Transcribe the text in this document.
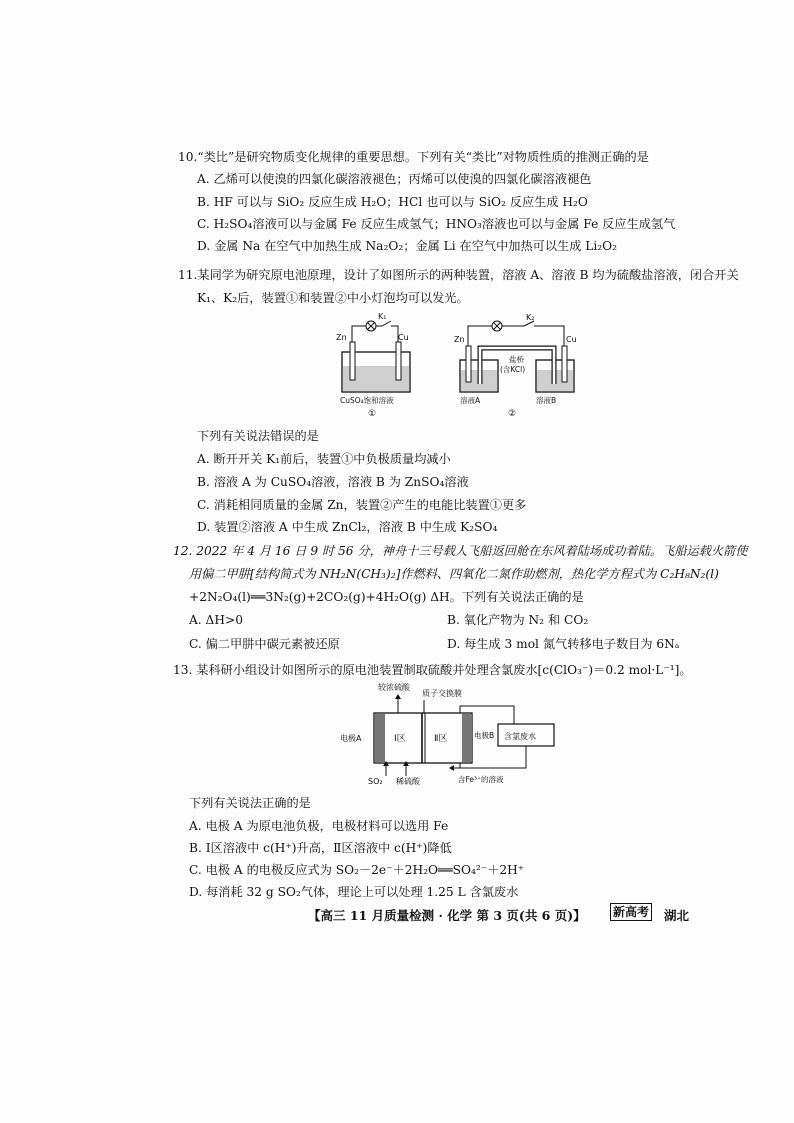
10.“类比”是研究物质变化规律的重要思想。下列有关“类比”对物质性质的推测正确的是
A. 乙烯可以使溴的四氯化碳溶液褪色；丙烯可以使溴的四氯化碳溶液褪色
B. HF 可以与 SiO₂ 反应生成 H₂O；HCl 也可以与 SiO₂ 反应生成 H₂O
C. H₂SO₄溶液可以与金属 Fe 反应生成氢气；HNO₃溶液也可以与金属 Fe 反应生成氢气
D. 金属 Na 在空气中加热生成 Na₂O₂；金属 Li 在空气中加热可以生成 Li₂O₂
11.某同学为研究原电池原理，设计了如图所示的两种装置，溶液 A、溶液 B 均为硫酸盐溶液，闭合开关
K₁、K₂后，装置①和装置②中小灯泡均可以发光。
Zn
K₁
Cu
CuSO₄饱和溶液
①
Zn
K₂
Cu
盐桥
(含KCl)
溶液A	溶液B
②
下列有关说法错误的是
A. 断开开关 K₁前后，装置①中负极质量均减小
B. 溶液 A 为 CuSO₄溶液，溶液 B 为 ZnSO₄溶液
C. 消耗相同质量的金属 Zn，装置②产生的电能比装置①更多
D. 装置②溶液 A 中生成 ZnCl₂，溶液 B 中生成 K₂SO₄
12. 2022 年 4 月 16 日 9 时 56 分，神舟十三号载人飞船返回舱在东风着陆场成功着陆。飞船运载火箭使
用偏二甲肼[结构简式为 NH₂N(CH₃)₂]作燃料、四氧化二氮作助燃剂，热化学方程式为 C₂H₈N₂(l)
+2N₂O₄(l)══3N₂(g)+2CO₂(g)+4H₂O(g) ΔH。下列有关说法正确的是
A. ΔH>0	B. 氧化产物为 N₂ 和 CO₂
C. 偏二甲肼中碳元素被还原	D. 每生成 3 mol 氮气转移电子数目为 6Nₐ
13. 某科研小组设计如图所示的原电池装置制取硫酸并处理含氯废水[c(ClO₃⁻)＝0.2 mol·L⁻¹]。
较浓硫酸
质子交换膜
电极A	Ⅰ区	Ⅱ区	电极B 含氯废水
SO₂ 稀硫酸	含Fe³⁺的溶液
下列有关说法正确的是
A. 电极 A 为原电池负极，电极材料可以选用 Fe
B. Ⅰ区溶液中 c(H⁺)升高，Ⅱ区溶液中 c(H⁺)降低
C. 电极 A 的电极反应式为 SO₂－2e⁻＋2H₂O══SO₄²⁻＋2H⁺
D. 每消耗 32 g SO₂气体，理论上可以处理 1.25 L 含氯废水
【高三 11 月质量检测 · 化学 第 3 页(共 6 页)】 新高考 湖北
